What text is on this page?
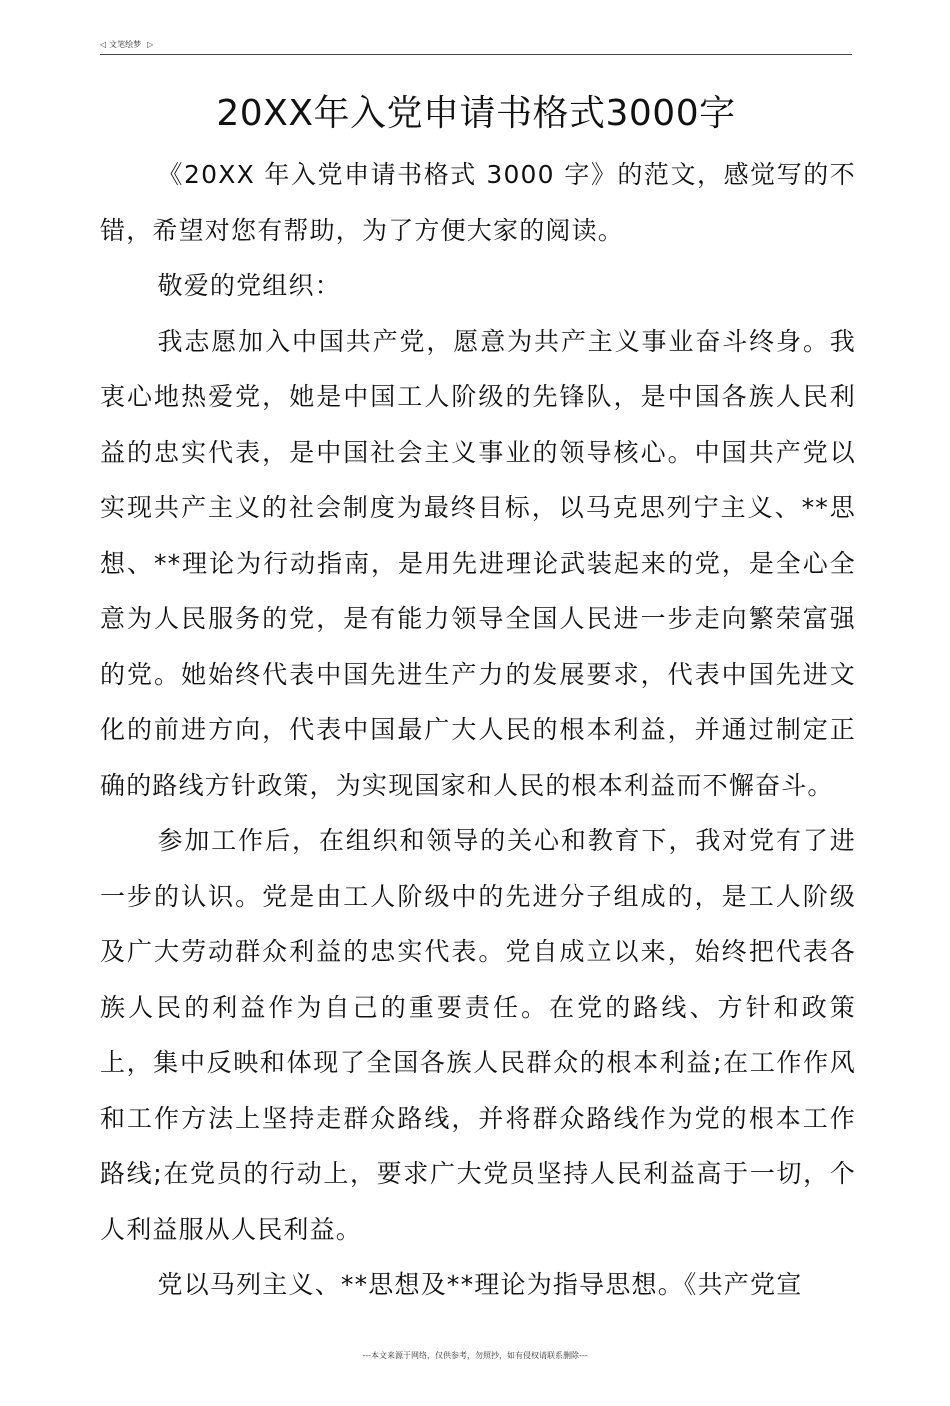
◁ 文笔绘梦 ▷
20XX年入党申请书格式3000字

《20XX 年入党申请书格式 3000 字》的范文，感觉写的不错，希望对您有帮助，为了方便大家的阅读。

敬爱的党组织：

我志愿加入中国共产党，愿意为共产主义事业奋斗终身。我衷心地热爱党，她是中国工人阶级的先锋队，是中国各族人民利益的忠实代表，是中国社会主义事业的领导核心。中国共产党以实现共产主义的社会制度为最终目标，以马克思列宁主义、**思想、**理论为行动指南，是用先进理论武装起来的党，是全心全意为人民服务的党，是有能力领导全国人民进一步走向繁荣富强的党。她始终代表中国先进生产力的发展要求，代表中国先进文化的前进方向，代表中国最广大人民的根本利益，并通过制定正确的路线方针政策，为实现国家和人民的根本利益而不懈奋斗。

参加工作后，在组织和领导的关心和教育下，我对党有了进一步的认识。党是由工人阶级中的先进分子组成的，是工人阶级及广大劳动群众利益的忠实代表。党自成立以来，始终把代表各族人民的利益作为自己的重要责任。在党的路线、方针和政策上，集中反映和体现了全国各族人民群众的根本利益;在工作作风和工作方法上坚持走群众路线，并将群众路线作为党的根本工作路线;在党员的行动上，要求广大党员坚持人民利益高于一切，个人利益服从人民利益。

党以马列主义、**思想及**理论为指导思想。《共产党宣

---本文来源于网络，仅供参考，勿照抄，如有侵权请联系删除---
